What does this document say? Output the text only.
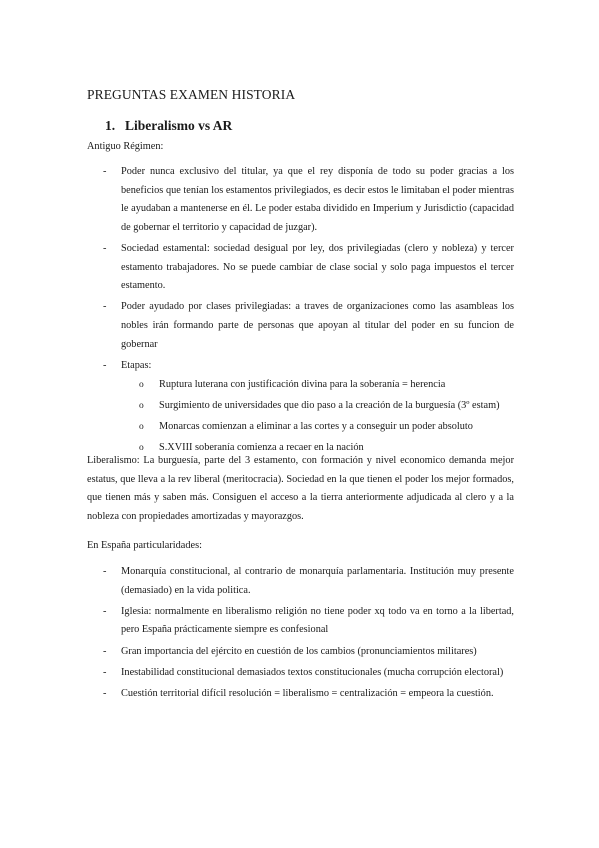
PREGUNTAS EXAMEN HISTORIA
1. Liberalismo vs AR

Antiguo Régimen:

- Poder nunca exclusivo del titular, ya que el rey disponía de todo su poder gracias a los beneficios que tenían los estamentos privilegiados, es decir estos le limitaban el poder mientras le ayudaban a mantenerse en él. Le poder estaba dividido en Imperium y Jurisdictio (capacidad de gobernar el territorio y capacidad de juzgar).
- Sociedad estamental: sociedad desigual por ley, dos privilegiadas (clero y nobleza) y tercer estamento trabajadores. No se puede cambiar de clase social y solo paga impuestos el tercer estamento.
- Poder ayudado por clases privilegiadas: a traves de organizaciones como las asambleas los nobles irán formando parte de personas que apoyan al titular del poder en su funcion de gobernar
- Etapas:
o Ruptura luterana con justificación divina para la soberanía = herencia
o Surgimiento de universidades que dio paso a la creación de la burguesía (3º estam)
o Monarcas comienzan a eliminar a las cortes y a conseguir un poder absoluto
o S.XVIII soberanía comienza a recaer en la nación

Liberalismo: La burguesía, parte del 3 estamento, con formación y nivel economico demanda mejor estatus, que lleva a la rev liberal (meritocracia). Sociedad en la que tienen el poder los mejor formados, que tienen más y saben más. Consiguen el acceso a la tierra anteriormente adjudicada al clero y a la nobleza con propiedades amortizadas y mayorazgos.

En España particularidades:

- Monarquía constitucional, al contrario de monarquía parlamentaria. Institución muy presente (demasiado) en la vida politica.
- Iglesia: normalmente en liberalismo religión no tiene poder xq todo va en torno a la libertad, pero España prácticamente siempre es confesional
- Gran importancia del ejército en cuestión de los cambios (pronunciamientos militares)
- Inestabilidad constitucional demasiados textos constitucionales (mucha corrupción electoral)
- Cuestión territorial difícil resolución = liberalismo = centralización = empeora la cuestión.
